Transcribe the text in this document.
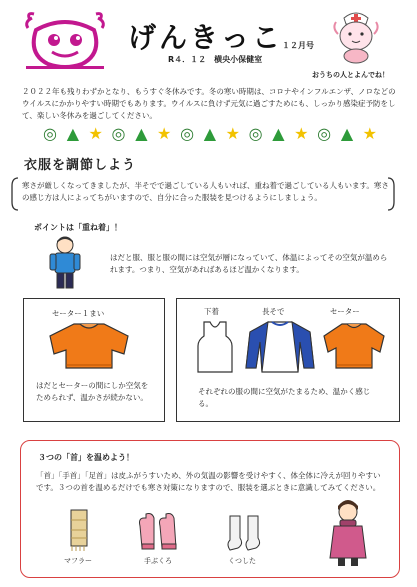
げんきっこ
R４．１２　横央小保健室
１２月号
おうちの人とよんでね！
２０２２年も残りわずかとなり、もうすぐ冬休みです。冬の寒い時期は、コロナやインフルエンザ、ノロなどのウイルスにかかりやすい時期でもあります。ウイルスに負けず元気に過ごすためにも、しっかり感染症予防をして、楽しい冬休みを過ごしてください。
◎ ▲ ★ ◎ ▲ ★ ◎ ▲ ★ ◎ ▲ ★ ◎ ▲ ★
衣服を調節しよう
寒さが厳しくなってきましたが、半そでで過ごしている人もいれば、重ね着で過ごしている人もいます。寒さの感じ方は人によってちがいますので、自分に合った服装を見つけるようにしましょう。
ポイントは「重ね着」！
はだと服、服と服の間には空気が層になっていて、体温によってその空気が温められます。つまり、空気があればあるほど温かくなります。
セーター１まい
はだとセーターの間にしか空気をためられず、温かさが続かない。
下着	長そで	セーター
それぞれの服の間に空気がたまるため、温かく感じる。
３つの「首」を温めよう！
「首」「手首」「足首」は皮ふがうすいため、外の気温の影響を受けやすく、体全体に冷えが回りやすいです。３つの首を温めるだけでも寒さ対策になりますので、服装を選ぶときに意識してみてください。
マフラー	手ぶくろ	くつした
